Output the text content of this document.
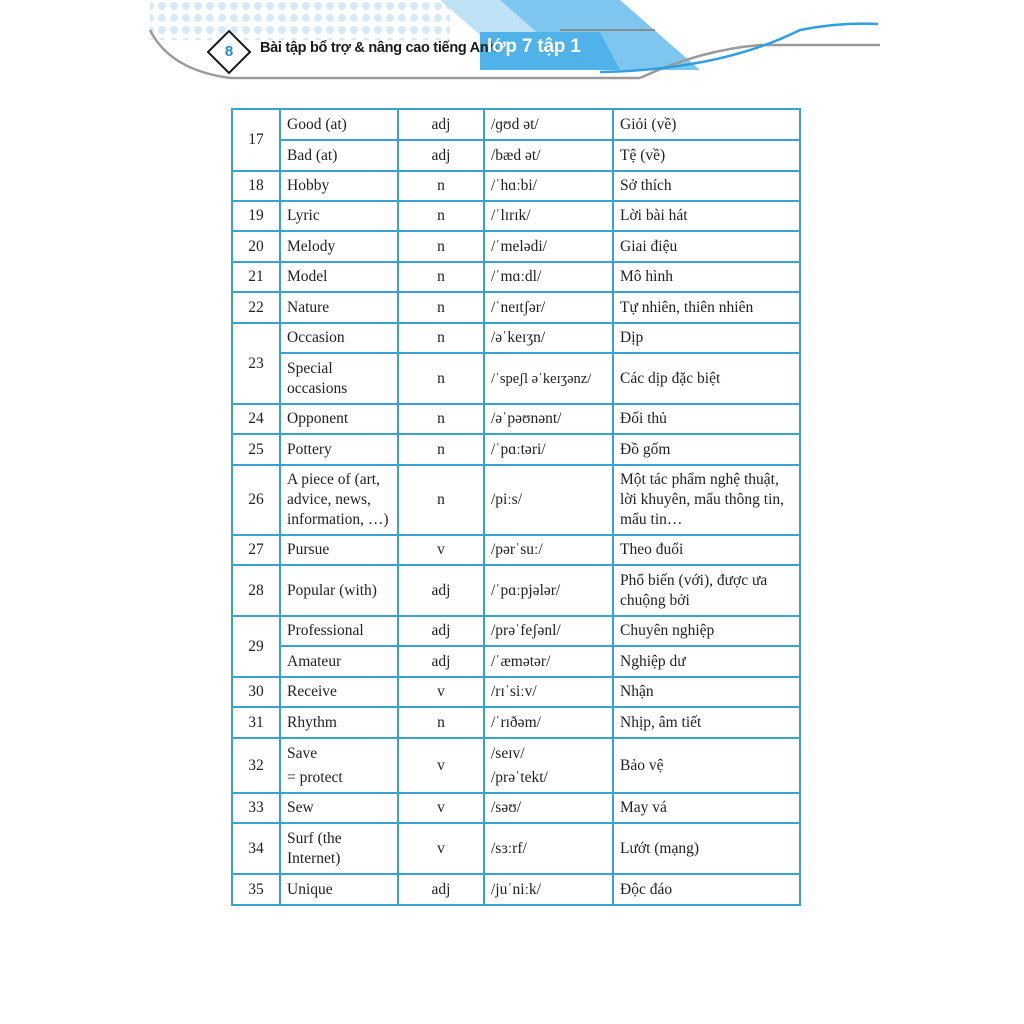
8	Bài tập bổ trợ & nâng cao tiếng Anh
lớp 7 tập 1
17	Good (at)	adj	/ɡʊd ət/	Giỏi (về)
	Bad (at)	adj	/bæd ət/	Tệ (về)
18	Hobby	n	/ˈhɑːbi/	Sở thích
19	Lyric	n	/ˈlɪrɪk/	Lời bài hát
20	Melody	n	/ˈmelədi/	Giai điệu
21	Model	n	/ˈmɑːdl/	Mô hình
22	Nature	n	/ˈneɪtʃər/	Tự nhiên, thiên nhiên
23	Occasion	n	/əˈkeɪʒn/	Dịp

	Special
occasions	n	/ˈspeʃl əˈkeɪʒənz/	Các dịp đặc biệt
24	Opponent	n	/əˈpəʊnənt/	Đối thủ
25	Pottery	n	/ˈpɑːtəri/	Đồ gốm
26	A piece of (art,
advice, news,
information, …)	n	/piːs/	Một tác phẩm nghệ thuật,
lời khuyên, mẩu thông tin,
mẩu tin…

27	Pursue	v	/pərˈsuː/	Theo đuổi
28	Popular (with)	adj	/ˈpɑːpjələr/	Phổ biến (với), được ưa
chuộng bởi

29	Professional	adj	/prəˈfeʃənl/	Chuyên nghiệp
	Amateur	adj	/ˈæmətər/	Nghiệp dư
30	Receive	v	/rɪˈsiːv/	Nhận
31	Rhythm	n	/ˈrɪðəm/	Nhịp, âm tiết
32	Save
= protect	v	/seɪv/
/prəˈtekt/	Bảo vệ
33	Sew	v	/səʊ/	May vá
34	Surf (the
Internet)	v	/sɜːrf/	Lướt (mạng)
35	Unique	adj	/juˈniːk/	Độc đáo
